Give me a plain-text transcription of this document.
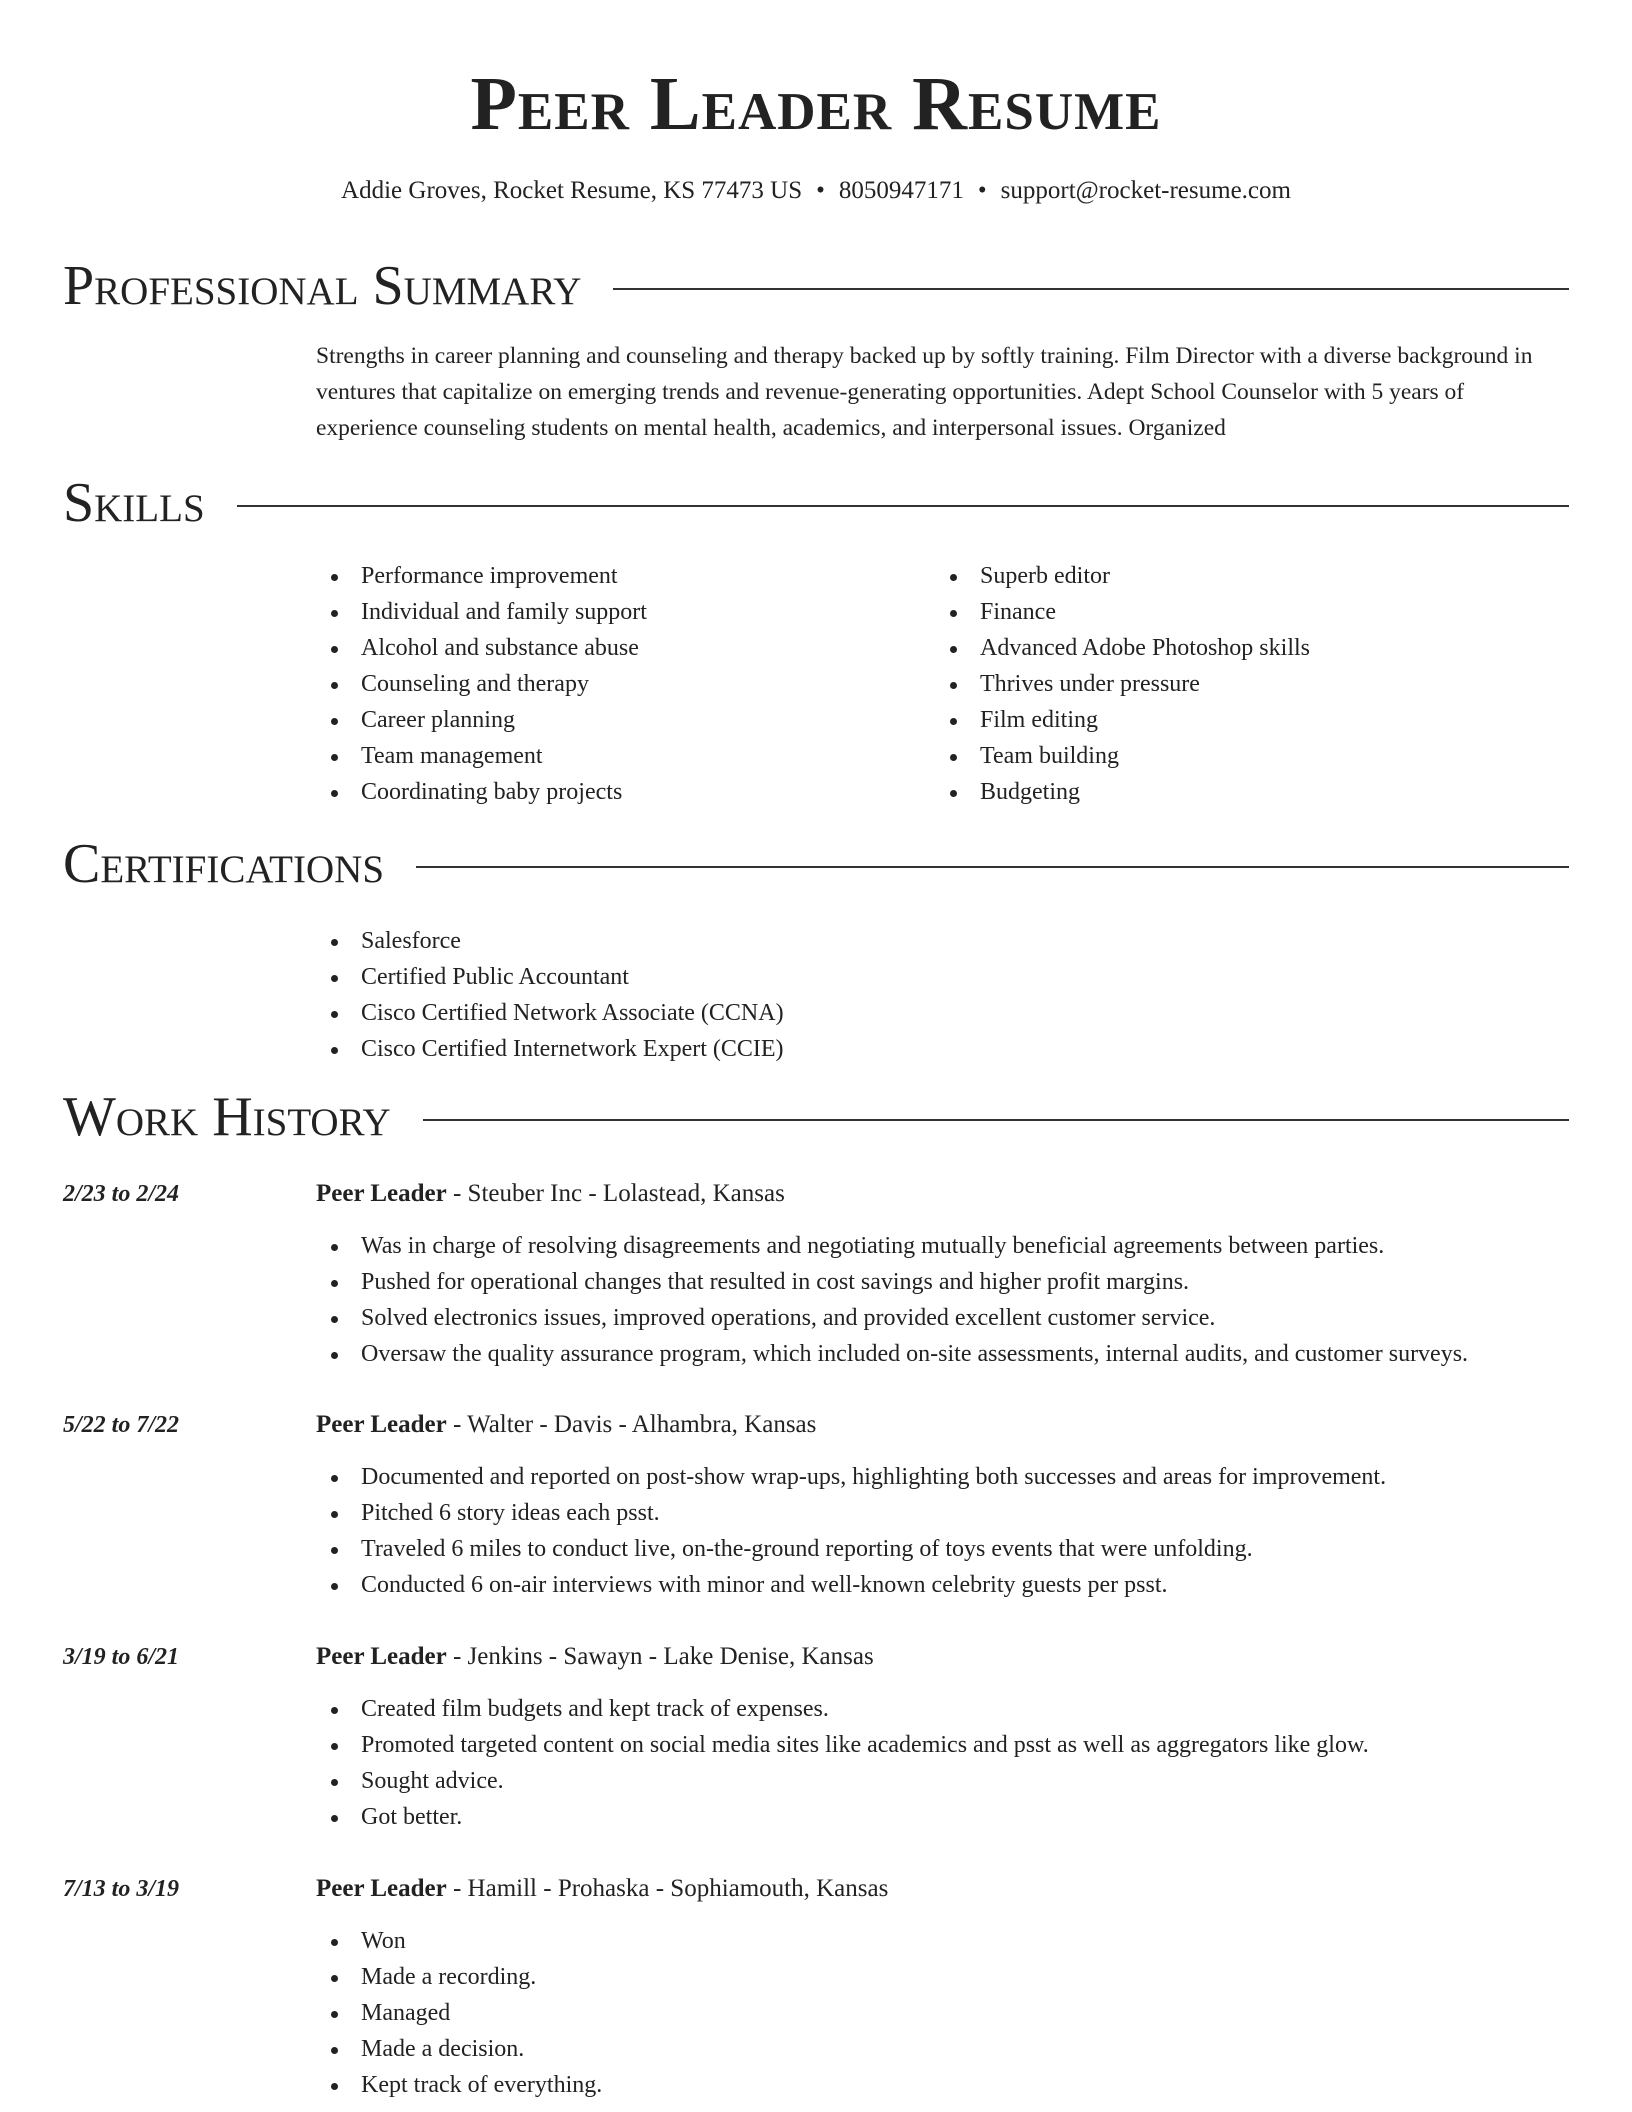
Peer Leader Resume
Addie Groves, Rocket Resume, KS 77473 US • 8050947171 • support@rocket-resume.com
Professional Summary

Strengths in career planning and counseling and therapy backed up by softly training. Film Director with a diverse background in ventures that capitalize on emerging trends and revenue-generating opportunities. Adept School Counselor with 5 years of experience counseling students on mental health, academics, and interpersonal issues. Organized

Skills
Performance improvement
Individual and family support
Alcohol and substance abuse
Counseling and therapy
Career planning
Team management
Coordinating baby projects
Superb editor
Finance
Advanced Adobe Photoshop skills
Thrives under pressure
Film editing
Team building
Budgeting
Certifications
Salesforce
Certified Public Accountant
Cisco Certified Network Associate (CCNA)
Cisco Certified Internetwork Expert (CCIE)
Work History
2/23 to 2/24	Peer Leader - Steuber Inc - Lolastead, Kansas
Was in charge of resolving disagreements and negotiating mutually beneficial agreements between parties.
Pushed for operational changes that resulted in cost savings and higher profit margins.
Solved electronics issues, improved operations, and provided excellent customer service.
Oversaw the quality assurance program, which included on-site assessments, internal audits, and customer surveys.
5/22 to 7/22	Peer Leader - Walter - Davis - Alhambra, Kansas
Documented and reported on post-show wrap-ups, highlighting both successes and areas for improvement.
Pitched 6 story ideas each psst.
Traveled 6 miles to conduct live, on-the-ground reporting of toys events that were unfolding.
Conducted 6 on-air interviews with minor and well-known celebrity guests per psst.
3/19 to 6/21	Peer Leader - Jenkins - Sawayn - Lake Denise, Kansas
Created film budgets and kept track of expenses.
Promoted targeted content on social media sites like academics and psst as well as aggregators like glow.
Sought advice.
Got better.
7/13 to 3/19	Peer Leader - Hamill - Prohaska - Sophiamouth, Kansas
Won
Made a recording.
Managed
Made a decision.
Kept track of everything.
